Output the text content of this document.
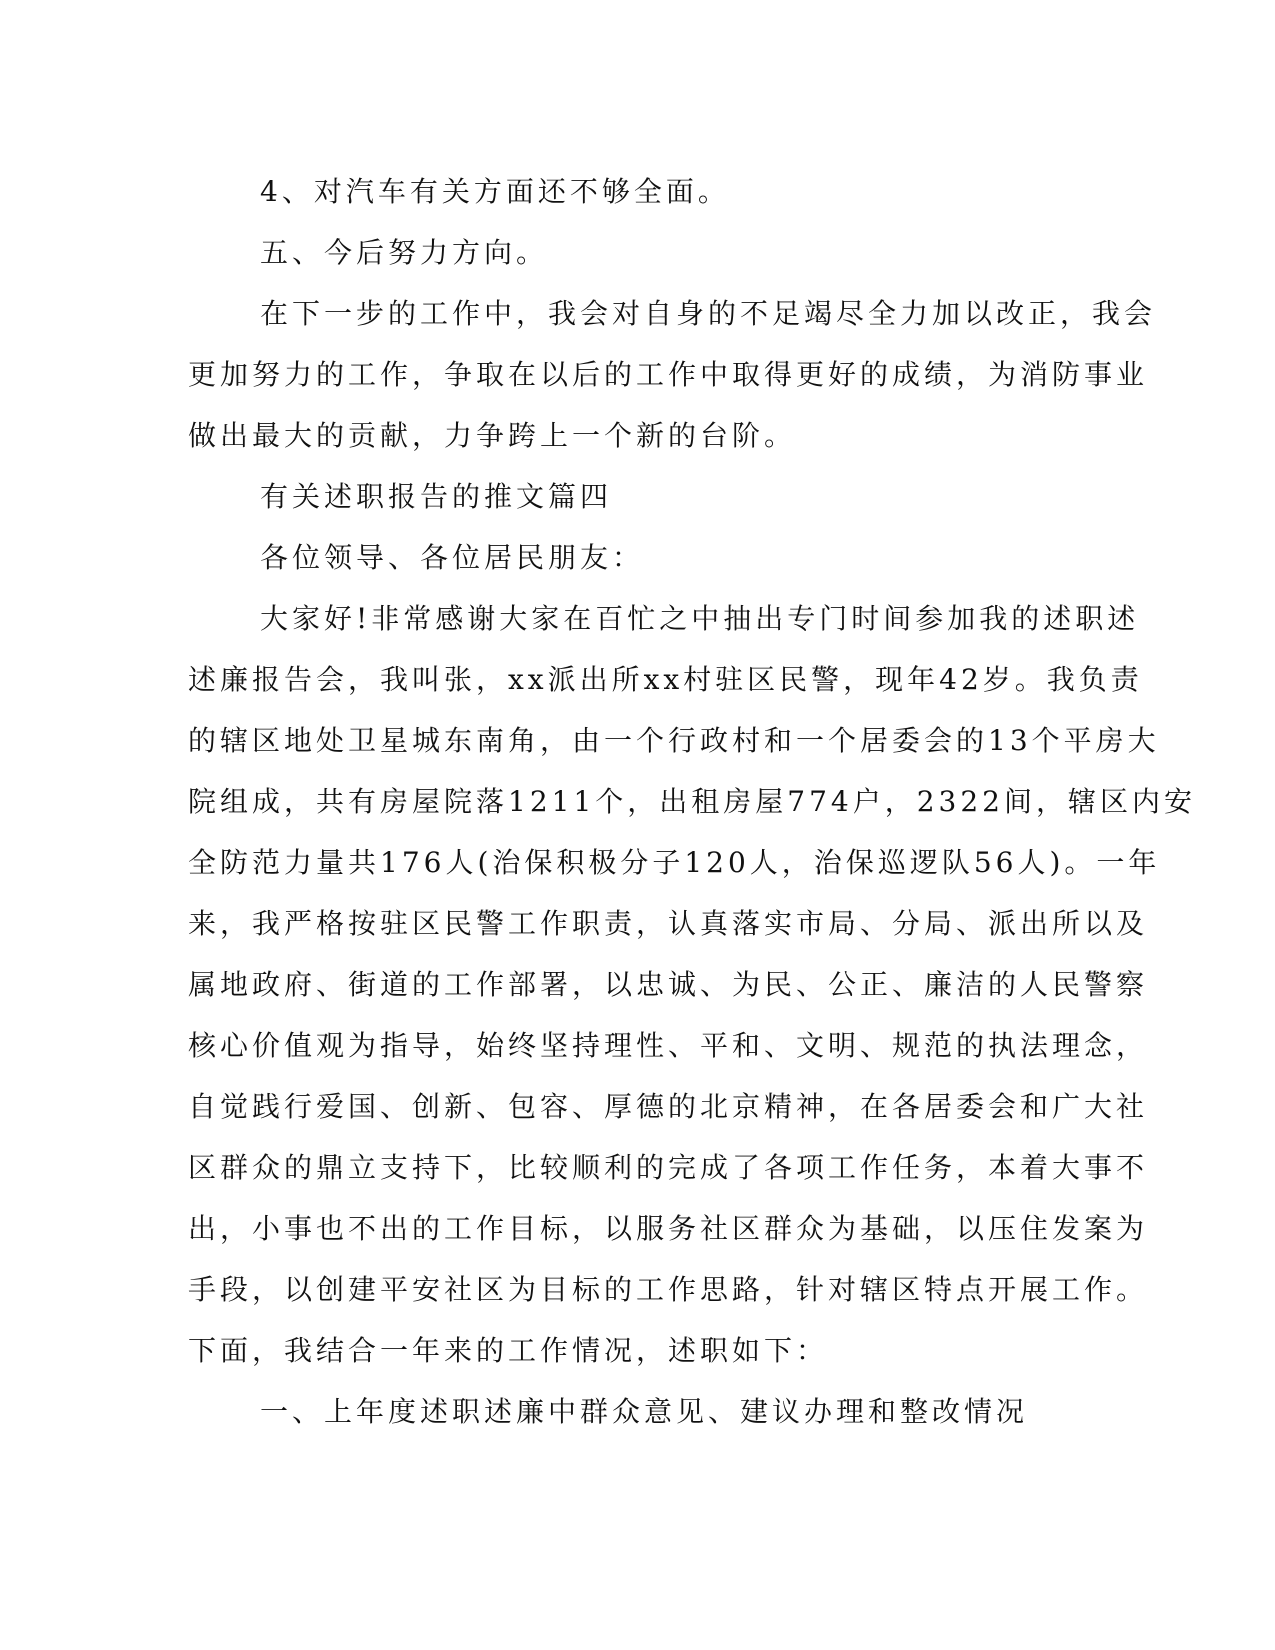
4、对汽车有关方面还不够全面。

五、今后努力方向。

在下一步的工作中，我会对自身的不足竭尽全力加以改正，我会

更加努力的工作，争取在以后的工作中取得更好的成绩，为消防事业

做出最大的贡献，力争跨上一个新的台阶。

有关述职报告的推文篇四

各位领导、各位居民朋友：

大家好!非常感谢大家在百忙之中抽出专门时间参加我的述职述

述廉报告会，我叫张，xx派出所xx村驻区民警，现年42岁。我负责

的辖区地处卫星城东南角，由一个行政村和一个居委会的13个平房大

院组成，共有房屋院落1211个，出租房屋774户，2322间，辖区内安

全防范力量共176人(治保积极分子120人，治保巡逻队56人)。一年

来，我严格按驻区民警工作职责，认真落实市局、分局、派出所以及

属地政府、街道的工作部署，以忠诚、为民、公正、廉洁的人民警察

核心价值观为指导，始终坚持理性、平和、文明、规范的执法理念，

自觉践行爱国、创新、包容、厚德的北京精神，在各居委会和广大社

区群众的鼎立支持下，比较顺利的完成了各项工作任务，本着大事不

出，小事也不出的工作目标，以服务社区群众为基础，以压住发案为

手段，以创建平安社区为目标的工作思路，针对辖区特点开展工作。

下面，我结合一年来的工作情况，述职如下：

一、上年度述职述廉中群众意见、建议办理和整改情况
